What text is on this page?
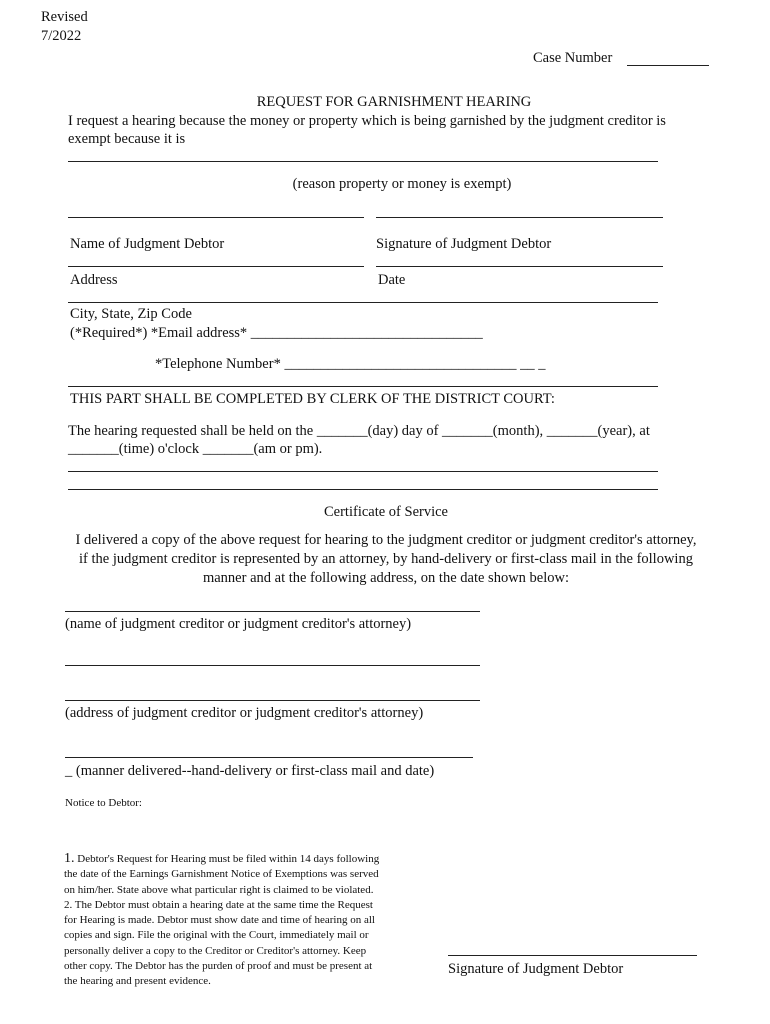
Revised
7/2022
Case Number
REQUEST FOR GARNISHMENT HEARING
I request a hearing because the money or property which is being garnished by the judgment creditor is
exempt because it is
(reason property or money is exempt)
Name of Judgment Debtor	Signature of Judgment Debtor
Address	Date
City, State, Zip Code
(*Required*) *Email address* ________________________________
*Telephone Number* ________________________________ __ _
THIS PART SHALL BE COMPLETED BY CLERK OF THE DISTRICT COURT:
The hearing requested shall be held on the _______(day) day of _______(month), _______(year), at
_______(time) o'clock _______(am or pm).
Certificate of Service
I delivered a copy of the above request for hearing to the judgment creditor or judgment creditor's attorney,
if the judgment creditor is represented by an attorney, by hand-delivery or first-class mail in the following
manner and at the following address, on the date shown below:
(name of judgment creditor or judgment creditor's attorney)
(address of judgment creditor or judgment creditor's attorney)
_ (manner delivered--hand-delivery or first-class mail and date)
Notice to Debtor:
1. Debtor's Request for Hearing must be filed within 14 days following
the date of the Earnings Garnishment Notice of Exemptions was served
on him/her. State above what particular right is claimed to be violated.
2. The Debtor must obtain a hearing date at the same time the Request
for Hearing is made. Debtor must show date and time of hearing on all
copies and sign. File the original with the Court, immediately mail or
personally deliver a copy to the Creditor or Creditor's attorney. Keep
other copy. The Debtor has the purden of proof and must be present at
the hearing and present evidence.
Signature of Judgment Debtor
